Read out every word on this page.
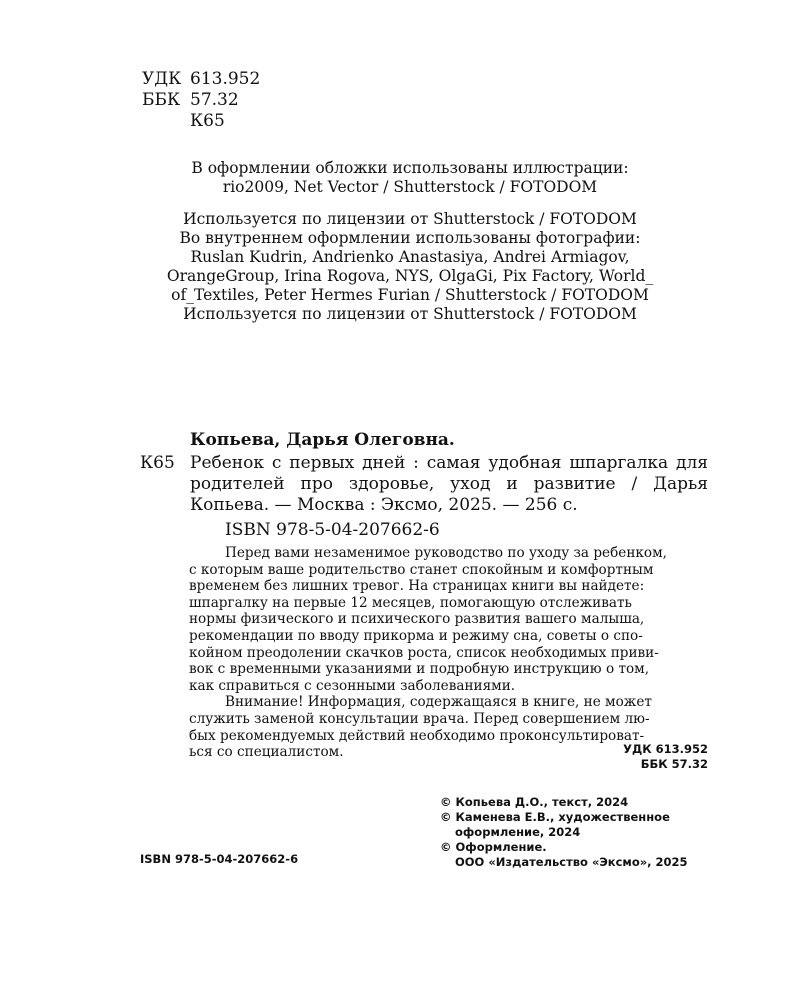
УДК 613.952
ББК 57.32
К65
В оформлении обложки использованы иллюстрации:
rio2009, Net Vector / Shutterstock / FOTODOM
Используется по лицензии от Shutterstock / FOTODOM
Во внутреннем оформлении использованы фотографии:
Ruslan Kudrin, Andrienko Anastasiya, Andrei Armiagov,
OrangeGroup, Irina Rogova, NYS, OlgaGi, Pix Factory, World_
of_Textiles, Peter Hermes Furian / Shutterstock / FOTODOM
Используется по лицензии от Shutterstock / FOTODOM
Копьева, Дарья Олеговна.
К65 Ребенок с первых дней : самая удобная шпаргалка для родителей про здоровье, уход и развитие / Дарья Копьева. — Москва : Эксмо, 2025. — 256 с.
ISBN 978-5-04-207662-6

Перед вами незаменимое руководство по уходу за ребенком,
с которым ваше родительство станет спокойным и комфортным
временем без лишних тревог. На страницах книги вы найдете:
шпаргалку на первые 12 месяцев, помогающую отслеживать
нормы физического и психического развития вашего малыша,
рекомендации по вводу прикорма и режиму сна, советы о спо-
койном преодолении скачков роста, список необходимых приви-
вок с временными указаниями и подробную инструкцию о том,
как справиться с сезонными заболеваниями.

Внимание! Информация, содержащаяся в книге, не может
служить заменой консультации врача. Перед совершением лю-
бых рекомендуемых действий необходимо проконсультироват-
ься со специалистом.	УДК 613.952
ББК 57.32
© Копьева Д.О., текст, 2024
© Каменева Е.В., художественное
оформление, 2024
© Оформление.
ООО «Издательство «Эксмо», 2025
ISBN 978-5-04-207662-6
